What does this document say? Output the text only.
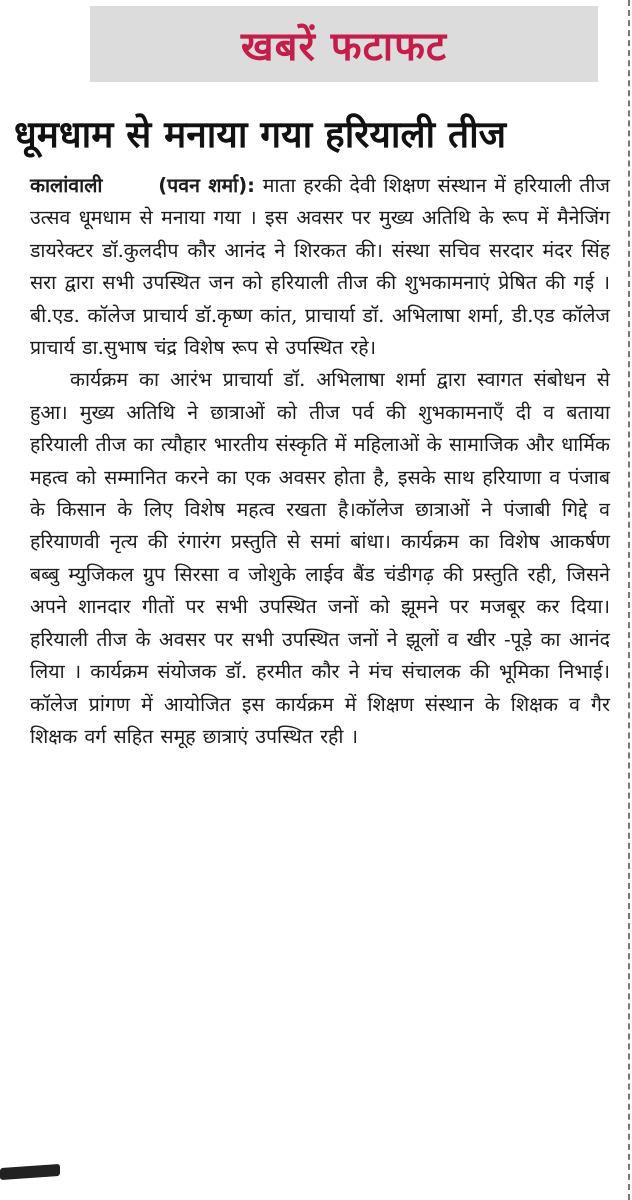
खबरें फटाफट
धूमधाम से मनाया गया हरियाली तीज

कालांवाली	(पवन शर्मा): माता हरकी देवी शिक्षण संस्थान में हरियाली तीज उत्सव धूमधाम से मनाया गया । इस अवसर पर मुख्य अतिथि के रूप में मैनेजिंग डायरेक्टर डॉ.कुलदीप कौर आनंद ने शिरकत की। संस्था सचिव सरदार मंदर सिंह सरा द्वारा सभी उपस्थित जन को हरियाली तीज की शुभकामनाएं प्रेषित की गई ।बी.एड. कॉलेज प्राचार्य डॉ.कृष्ण कांत, प्राचार्या डॉ. अभिलाषा शर्मा, डी.एड कॉलेज प्राचार्य डा.सुभाष चंद्र विशेष रूप से उपस्थित रहे।

कार्यक्रम का आरंभ प्राचार्या डॉ. अभिलाषा शर्मा द्वारा स्वागत संबोधन से हुआ। मुख्य अतिथि ने छात्राओं को तीज पर्व की शुभकामनाएँ दी व बताया हरियाली तीज का त्यौहार भारतीय संस्कृति में महिलाओं के सामाजिक और धार्मिक महत्व को सम्मानित करने का एक अवसर होता है, इसके साथ हरियाणा व पंजाब के किसान के लिए विशेष महत्व रखता है।कॉलेज छात्राओं ने पंजाबी गिद्दे व हरियाणवी नृत्य की रंगारंग प्रस्तुति से समां बांधा। कार्यक्रम का विशेष आकर्षण बब्बु म्युजिकल ग्रुप सिरसा व जोशुके लाईव बैंड चंडीगढ़ की प्रस्तुति रही, जिसने अपने शानदार गीतों पर सभी उपस्थित जनों को झूमने पर मजबूर कर दिया। हरियाली तीज के अवसर पर सभी उपस्थित जनों ने झूलों व खीर -पूड़े का आनंद लिया । कार्यक्रम संयोजक डॉ. हरमीत कौर ने मंच संचालक की भूमिका निभाई। कॉलेज प्रांगण में आयोजित इस कार्यक्रम में शिक्षण संस्थान के शिक्षक व गैर शिक्षक वर्ग सहित समूह छात्राएं उपस्थित रही ।
